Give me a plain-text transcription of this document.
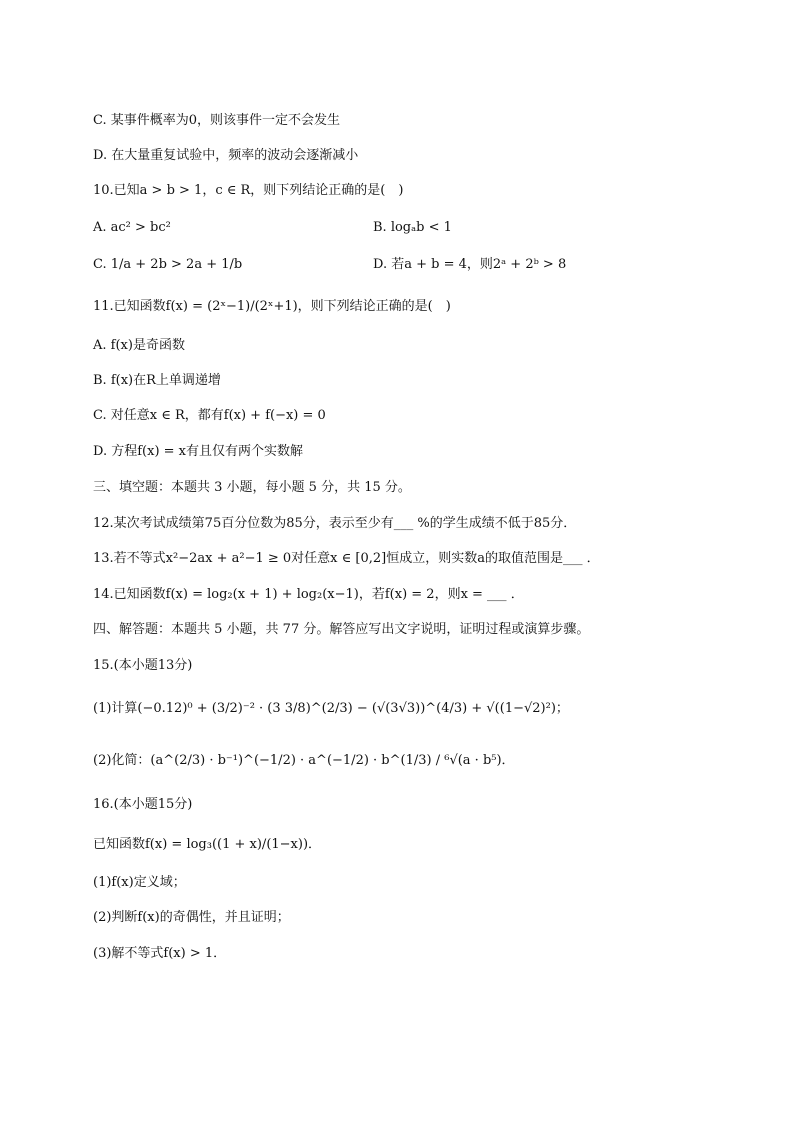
C. 某事件概率为0，则该事件一定不会发生
D. 在大量重复试验中，频率的波动会逐渐减小
10.已知a > b > 1，c ∈ R，则下列结论正确的是(　)
A. ac² > bc²	B. logₐb < 1
C. 1/a + 2b > 2a + 1/b	D. 若a + b = 4，则2ᵃ + 2ᵇ > 8
11.已知函数f(x) = (2ˣ−1)/(2ˣ+1)，则下列结论正确的是(　)
A. f(x)是奇函数
B. f(x)在R上单调递增
C. 对任意x ∈ R，都有f(x) + f(−x) = 0
D. 方程f(x) = x有且仅有两个实数解
三、填空题：本题共 3 小题，每小题 5 分，共 15 分。
12.某次考试成绩第75百分位数为85分，表示至少有___ %的学生成绩不低于85分．
13.若不等式x²−2ax + a²−1 ≥ 0对任意x ∈ [0,2]恒成立，则实数a的取值范围是___ ．
14.已知函数f(x) = log₂(x + 1) + log₂(x−1)，若f(x) = 2，则x = ___ ．
四、解答题：本题共 5 小题，共 77 分。解答应写出文字说明，证明过程或演算步骤。
15.(本小题13分)
(1)计算(−0.12)⁰ + (3/2)⁻² · (3 3/8)^(2/3) − (√(3√3))^(4/3) + √((1−√2)²)；
(2)化简：(a^(2/3) · b⁻¹)^(−1/2) · a^(−1/2) · b^(1/3) / ⁶√(a · b⁵)．
16.(本小题15分)
已知函数f(x) = log₃((1 + x)/(1−x))．
(1)f(x)定义域；
(2)判断f(x)的奇偶性，并且证明；
(3)解不等式f(x) > 1．
